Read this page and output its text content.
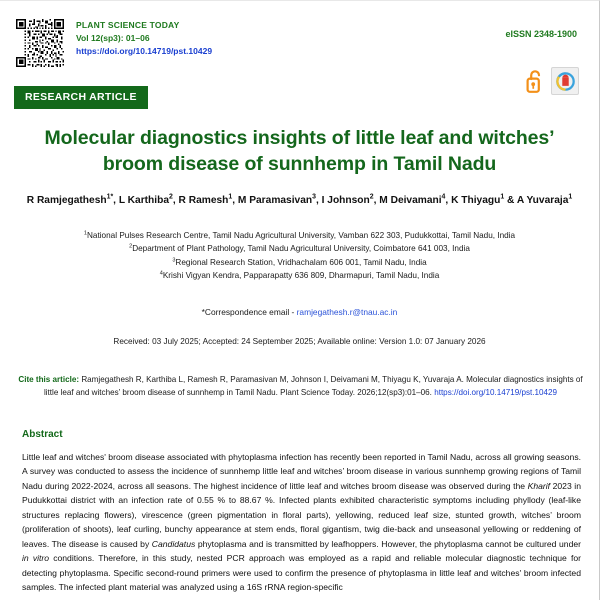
PLANT SCIENCE TODAY
Vol 12(sp3): 01–06
https://doi.org/10.14719/pst.10429
eISSN 2348-1900
RESEARCH ARTICLE
Molecular diagnostics insights of little leaf and witches’ broom disease of sunnhemp in Tamil Nadu
R Ramjegathesh$^{1*}$, L Karthiba$^2$, R Ramesh$^1$, M Paramasivan$^3$, I Johnson$^2$, M Deivamani$^4$, K Thiyagu$^1$ & A Yuvaraja$^1$
$^1$National Pulses Research Centre, Tamil Nadu Agricultural University, Vamban 622 303, Pudukkottai, Tamil Nadu, India
$^2$Department of Plant Pathology, Tamil Nadu Agricultural University, Coimbatore 641 003, India
$^3$Regional Research Station, Vridhachalam 606 001, Tamil Nadu, India
$^4$Krishi Vigyan Kendra, Papparapatty 636 809, Dharmapuri, Tamil Nadu, India
*Correspondence email - ramjegathesh.r@tnau.ac.in
Received: 03 July 2025; Accepted: 24 September 2025; Available online: Version 1.0: 07 January 2026
Cite this article: Ramjegathesh R, Karthiba L, Ramesh R, Paramasivan M, Johnson I, Deivamani M, Thiyagu K, Yuvaraja A. Molecular diagnostics insights of little leaf and witches’ broom disease of sunnhemp in Tamil Nadu. Plant Science Today. 2026;12(sp3):01–06. https://doi.org/10.14719/pst.10429
Abstract
Little leaf and witches' broom disease associated with phytoplasma infection has recently been reported in Tamil Nadu, across all growing seasons. A survey was conducted to assess the incidence of sunnhemp little leaf and witches’ broom disease in various sunnhemp growing regions of Tamil Nadu during 2022-2024, across all seasons. The highest incidence of little leaf and witches broom disease was observed during the Kharif 2023 in Pudukkottai district with an infection rate of 0.55 % to 88.67 %. Infected plants exhibited characteristic symptoms including phyllody (leaf-like structures replacing flowers), virescence (green pigmentation in floral parts), yellowing, reduced leaf size, stunted growth, witches’ broom (proliferation of shoots), leaf curling, bunchy appearance at stem ends, floral gigantism, twig die-back and unseasonal yellowing or reddening of leaves. The disease is caused by Candidatus phytoplasma and is transmitted by leafhoppers. However, the phytoplasma cannot be cultured under in vitro conditions. Therefore, in this study, nested PCR approach was employed as a rapid and reliable molecular diagnostic technique for detecting phytoplasma. Specific second-round primers were used to confirm the presence of phytoplasma in little leaf and witches' broom infected samples. The infected plant material was analyzed using a 16S rRNA region-specific
